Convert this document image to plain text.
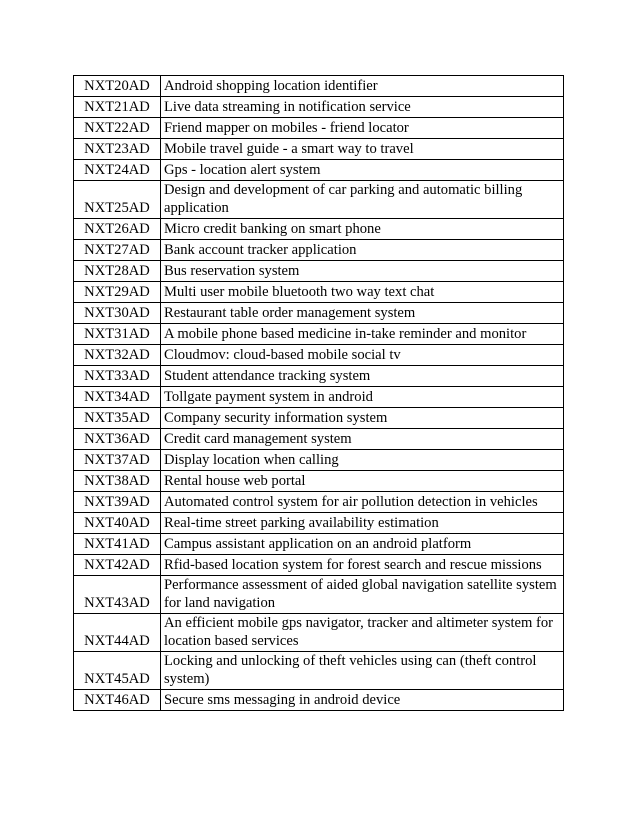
NXT20AD	Android shopping location identifier
NXT21AD	Live data streaming in notification service
NXT22AD	Friend mapper on mobiles - friend locator
NXT23AD	Mobile travel guide - a smart way to travel
NXT24AD	Gps - location alert system
NXT25AD	Design and development of car parking and automatic billing application
NXT26AD	Micro credit banking on smart phone
NXT27AD	Bank account tracker application
NXT28AD	Bus reservation system
NXT29AD	Multi user mobile bluetooth two way text chat
NXT30AD	Restaurant table order management system
NXT31AD	A mobile phone based medicine in-take reminder and monitor
NXT32AD	Cloudmov: cloud-based mobile social tv
NXT33AD	Student attendance tracking system
NXT34AD	Tollgate payment system in android
NXT35AD	Company security information system
NXT36AD	Credit card management system
NXT37AD	Display location when calling
NXT38AD	Rental house web portal
NXT39AD	Automated control system for air pollution detection in vehicles
NXT40AD	Real-time street parking availability estimation
NXT41AD	Campus assistant application on an android platform
NXT42AD	Rfid-based location system for forest search and rescue missions
NXT43AD	Performance assessment of aided global navigation satellite system for land navigation
NXT44AD	An efficient mobile gps navigator, tracker and altimeter system for location based services
NXT45AD	Locking and unlocking of theft vehicles using can (theft control system)
NXT46AD	Secure sms messaging in android device
